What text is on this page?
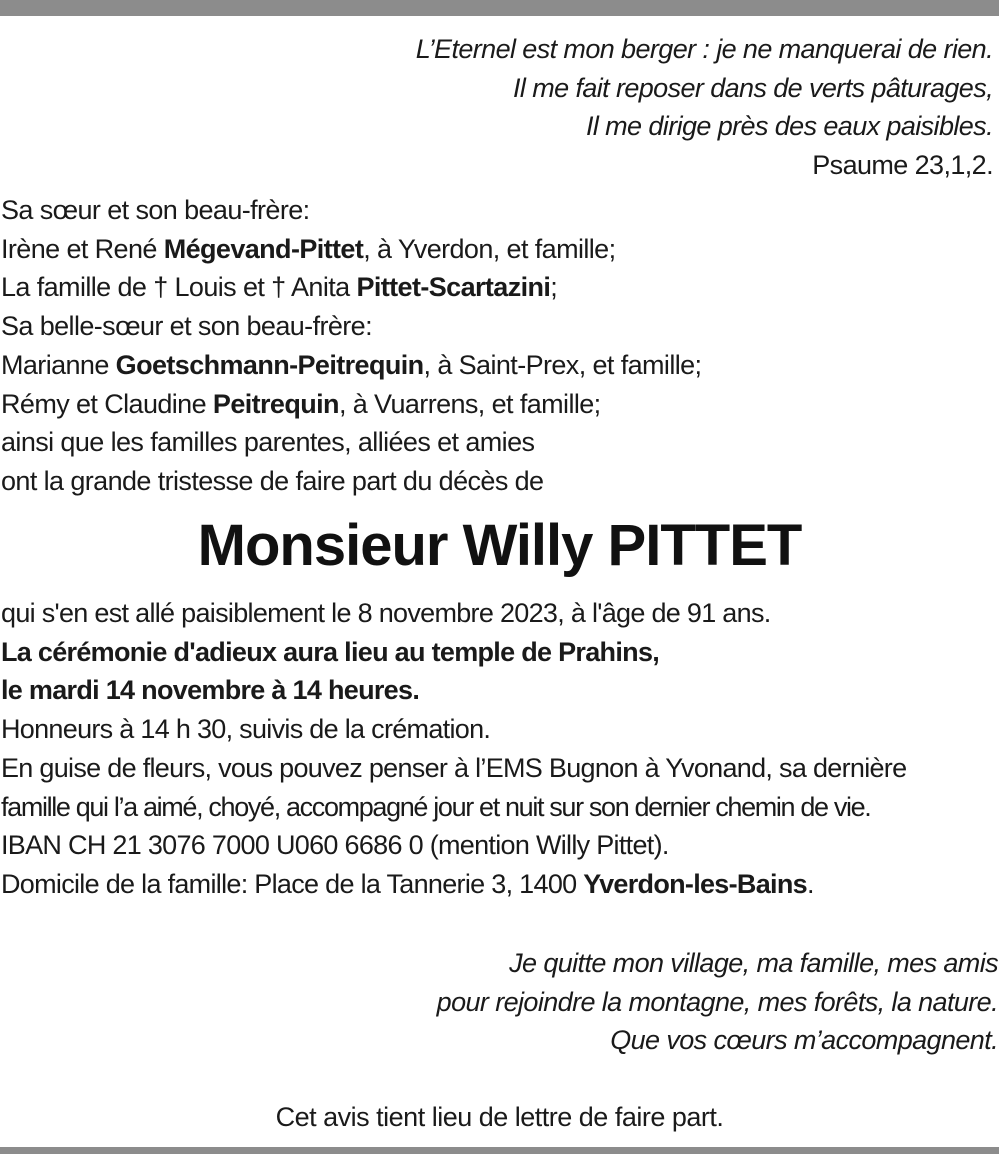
L’Eternel est mon berger : je ne manquerai de rien.
Il me fait reposer dans de verts pâturages,
Il me dirige près des eaux paisibles.
Psaume 23,1,2.
Sa sœur et son beau-frère:
Irène et René Mégevand-Pittet, à Yverdon, et famille;
La famille de † Louis et † Anita Pittet-Scartazini;
Sa belle-sœur et son beau-frère:
Marianne Goetschmann-Peitrequin, à Saint-Prex, et famille;
Rémy et Claudine Peitrequin, à Vuarrens, et famille;
ainsi que les familles parentes, alliées et amies
ont la grande tristesse de faire part du décès de
Monsieur Willy PITTET
qui s'en est allé paisiblement le 8 novembre 2023, à l'âge de 91 ans.
La cérémonie d'adieux aura lieu au temple de Prahins,
le mardi 14 novembre à 14 heures.
Honneurs à 14 h 30, suivis de la crémation.
En guise de fleurs, vous pouvez penser à l’EMS Bugnon à Yvonand, sa dernière
famille qui l’a aimé, choyé, accompagné jour et nuit sur son dernier chemin de vie.
IBAN CH 21 3076 7000 U060 6686 0 (mention Willy Pittet).
Domicile de la famille: Place de la Tannerie 3, 1400 Yverdon-les-Bains.
Je quitte mon village, ma famille, mes amis
pour rejoindre la montagne, mes forêts, la nature.
Que vos cœurs m’accompagnent.
Cet avis tient lieu de lettre de faire part.
